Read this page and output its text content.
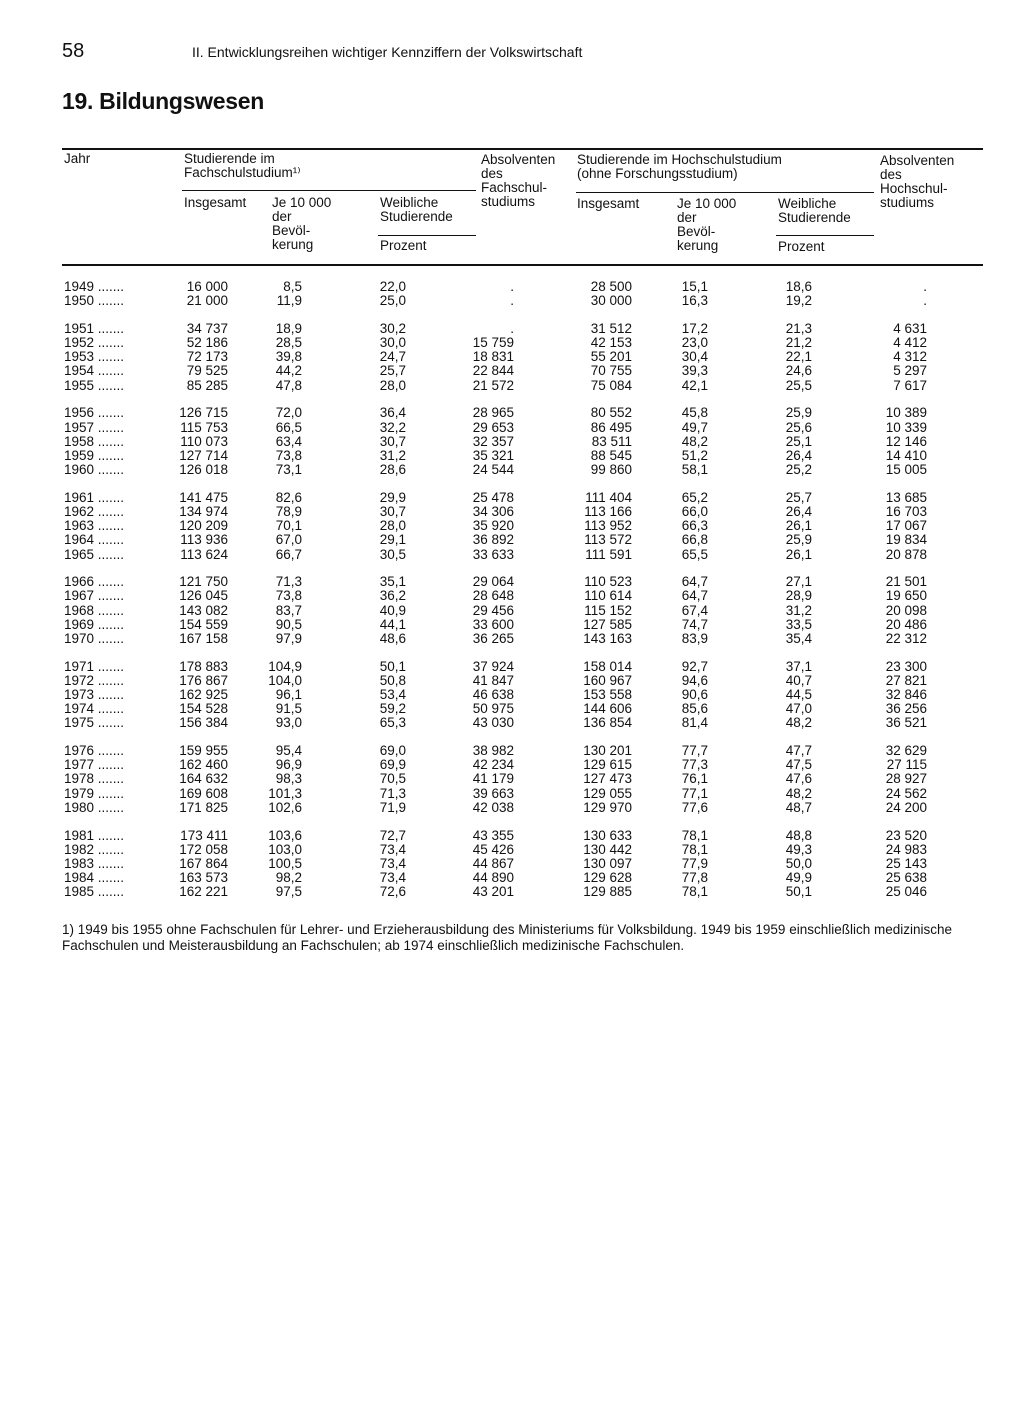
58	II. Entwicklungsreihen wichtiger Kennziffern der Volkswirtschaft
19. Bildungswesen
Jahr	Studierende im
Fachschulstudium¹⁾
Insgesamt Je 10 000
der
Bevöl-
kerung
Weibliche
Studierende
Prozent
Absolventen
des
Fachschul-
studiums
Studierende im Hochschulstudium
(ohne Forschungsstudium)
Insgesamt	Je 10 000
der
Bevöl-
kerung
Weibliche
Studierende
Prozent
Absolventen
des
Hochschul-
studiums
1949 .......	16 000	8,5	22,0	.	28 500	15,1	18,6	.
1950 .......	21 000	11,9	25,0	.	30 000	16,3	19,2	.
1951 .......	34 737	18,9	30,2	.	31 512	17,2	21,3	4 631
1952 .......	52 186	28,5	30,0	15 759	42 153	23,0	21,2	4 412
1953 .......	72 173	39,8	24,7	18 831	55 201	30,4	22,1	4 312
1954 .......	79 525	44,2	25,7	22 844	70 755	39,3	24,6	5 297
1955 .......	85 285	47,8	28,0	21 572	75 084	42,1	25,5	7 617
1956 .......	126 715	72,0	36,4	28 965	80 552	45,8	25,9	10 389
1957 .......	115 753	66,5	32,2	29 653	86 495	49,7	25,6	10 339
1958 .......	110 073	63,4	30,7	32 357	83 511	48,2	25,1	12 146
1959 .......	127 714	73,8	31,2	35 321	88 545	51,2	26,4	14 410
1960 .......	126 018	73,1	28,6	24 544	99 860	58,1	25,2	15 005
1961 .......	141 475	82,6	29,9	25 478	111 404	65,2	25,7	13 685
1962 .......	134 974	78,9	30,7	34 306	113 166	66,0	26,4	16 703
1963 .......	120 209	70,1	28,0	35 920	113 952	66,3	26,1	17 067
1964 .......	113 936	67,0	29,1	36 892	113 572	66,8	25,9	19 834
1965 .......	113 624	66,7	30,5	33 633	111 591	65,5	26,1	20 878
1966 .......	121 750	71,3	35,1	29 064	110 523	64,7	27,1	21 501
1967 .......	126 045	73,8	36,2	28 648	110 614	64,7	28,9	19 650
1968 .......	143 082	83,7	40,9	29 456	115 152	67,4	31,2	20 098
1969 .......	154 559	90,5	44,1	33 600	127 585	74,7	33,5	20 486
1970 .......	167 158	97,9	48,6	36 265	143 163	83,9	35,4	22 312
1971 .......	178 883	104,9	50,1	37 924	158 014	92,7	37,1	23 300
1972 .......	176 867	104,0	50,8	41 847	160 967	94,6	40,7	27 821
1973 .......	162 925	96,1	53,4	46 638	153 558	90,6	44,5	32 846
1974 .......	154 528	91,5	59,2	50 975	144 606	85,6	47,0	36 256
1975 .......	156 384	93,0	65,3	43 030	136 854	81,4	48,2	36 521
1976 .......	159 955	95,4	69,0	38 982	130 201	77,7	47,7	32 629
1977 .......	162 460	96,9	69,9	42 234	129 615	77,3	47,5	27 115
1978 .......	164 632	98,3	70,5	41 179	127 473	76,1	47,6	28 927
1979 .......	169 608	101,3	71,3	39 663	129 055	77,1	48,2	24 562
1980 .......	171 825	102,6	71,9	42 038	129 970	77,6	48,7	24 200
1981 .......	173 411	103,6	72,7	43 355	130 633	78,1	48,8	23 520
1982 .......	172 058	103,0	73,4	45 426	130 442	78,1	49,3	24 983
1983 .......	167 864	100,5	73,4	44 867	130 097	77,9	50,0	25 143
1984 .......	163 573	98,2	73,4	44 890	129 628	77,8	49,9	25 638
1985 .......	162 221	97,5	72,6	43 201	129 885	78,1	50,1	25 046
1) 1949 bis 1955 ohne Fachschulen für Lehrer- und Erzieherausbildung des Ministeriums für Volksbildung. 1949 bis 1959 einschließlich medizinische Fachschulen und Meisterausbildung an Fachschulen; ab 1974 einschließlich medizinische Fachschulen.
